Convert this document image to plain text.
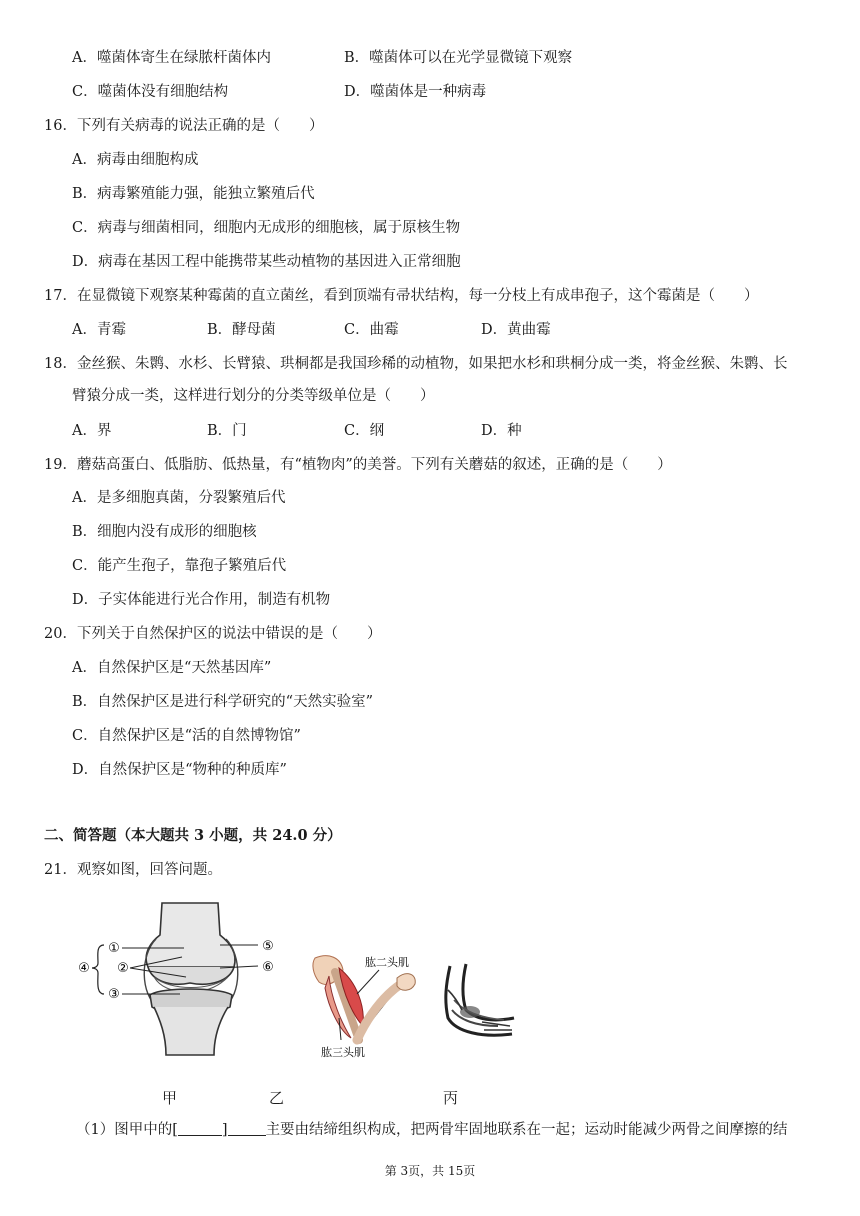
A．噬菌体寄生在绿脓杆菌体内	B．噬菌体可以在光学显微镜下观察
C．噬菌体没有细胞结构	D．噬菌体是一种病毒
16．下列有关病毒的说法正确的是（　　）
A．病毒由细胞构成
B．病毒繁殖能力强，能独立繁殖后代
C．病毒与细菌相同，细胞内无成形的细胞核，属于原核生物
D．病毒在基因工程中能携带某些动植物的基因进入正常细胞
17．在显微镜下观察某种霉菌的直立菌丝，看到顶端有帚状结构，每一分枝上有成串孢子，这个霉菌是（　　）
A．青霉	B．酵母菌	C．曲霉	D．黄曲霉
18．金丝猴、朱鹮、水杉、长臂猿、珙桐都是我国珍稀的动植物，如果把水杉和珙桐分成一类，将金丝猴、朱鹮、长
臂猿分成一类，这样进行划分的分类等级单位是（　　）
A．界	B．门	C．纲	D．种
19．蘑菇高蛋白、低脂肪、低热量，有“植物肉”的美誉。下列有关蘑菇的叙述，正确的是（　　）
A．是多细胞真菌，分裂繁殖后代
B．细胞内没有成形的细胞核
C．能产生孢子，靠孢子繁殖后代
D．子实体能进行光合作用，制造有机物
20．下列关于自然保护区的说法中错误的是（　　）
A．自然保护区是“天然基因库”
B．自然保护区是进行科学研究的“天然实验室”
C．自然保护区是“活的自然博物馆”
D．自然保护区是“物种的种质库”
二、简答题（本大题共 3 小题，共 24.0 分）
21．观察如图，回答问题。
①
②
③
④
⑤
⑥	肱二头肌
肱三头肌
甲	乙	丙
（1）图甲中的[	]	主要由结缔组织构成，把两骨牢固地联系在一起；运动时能减少两骨之间摩擦的结
第 3页，共 15页
